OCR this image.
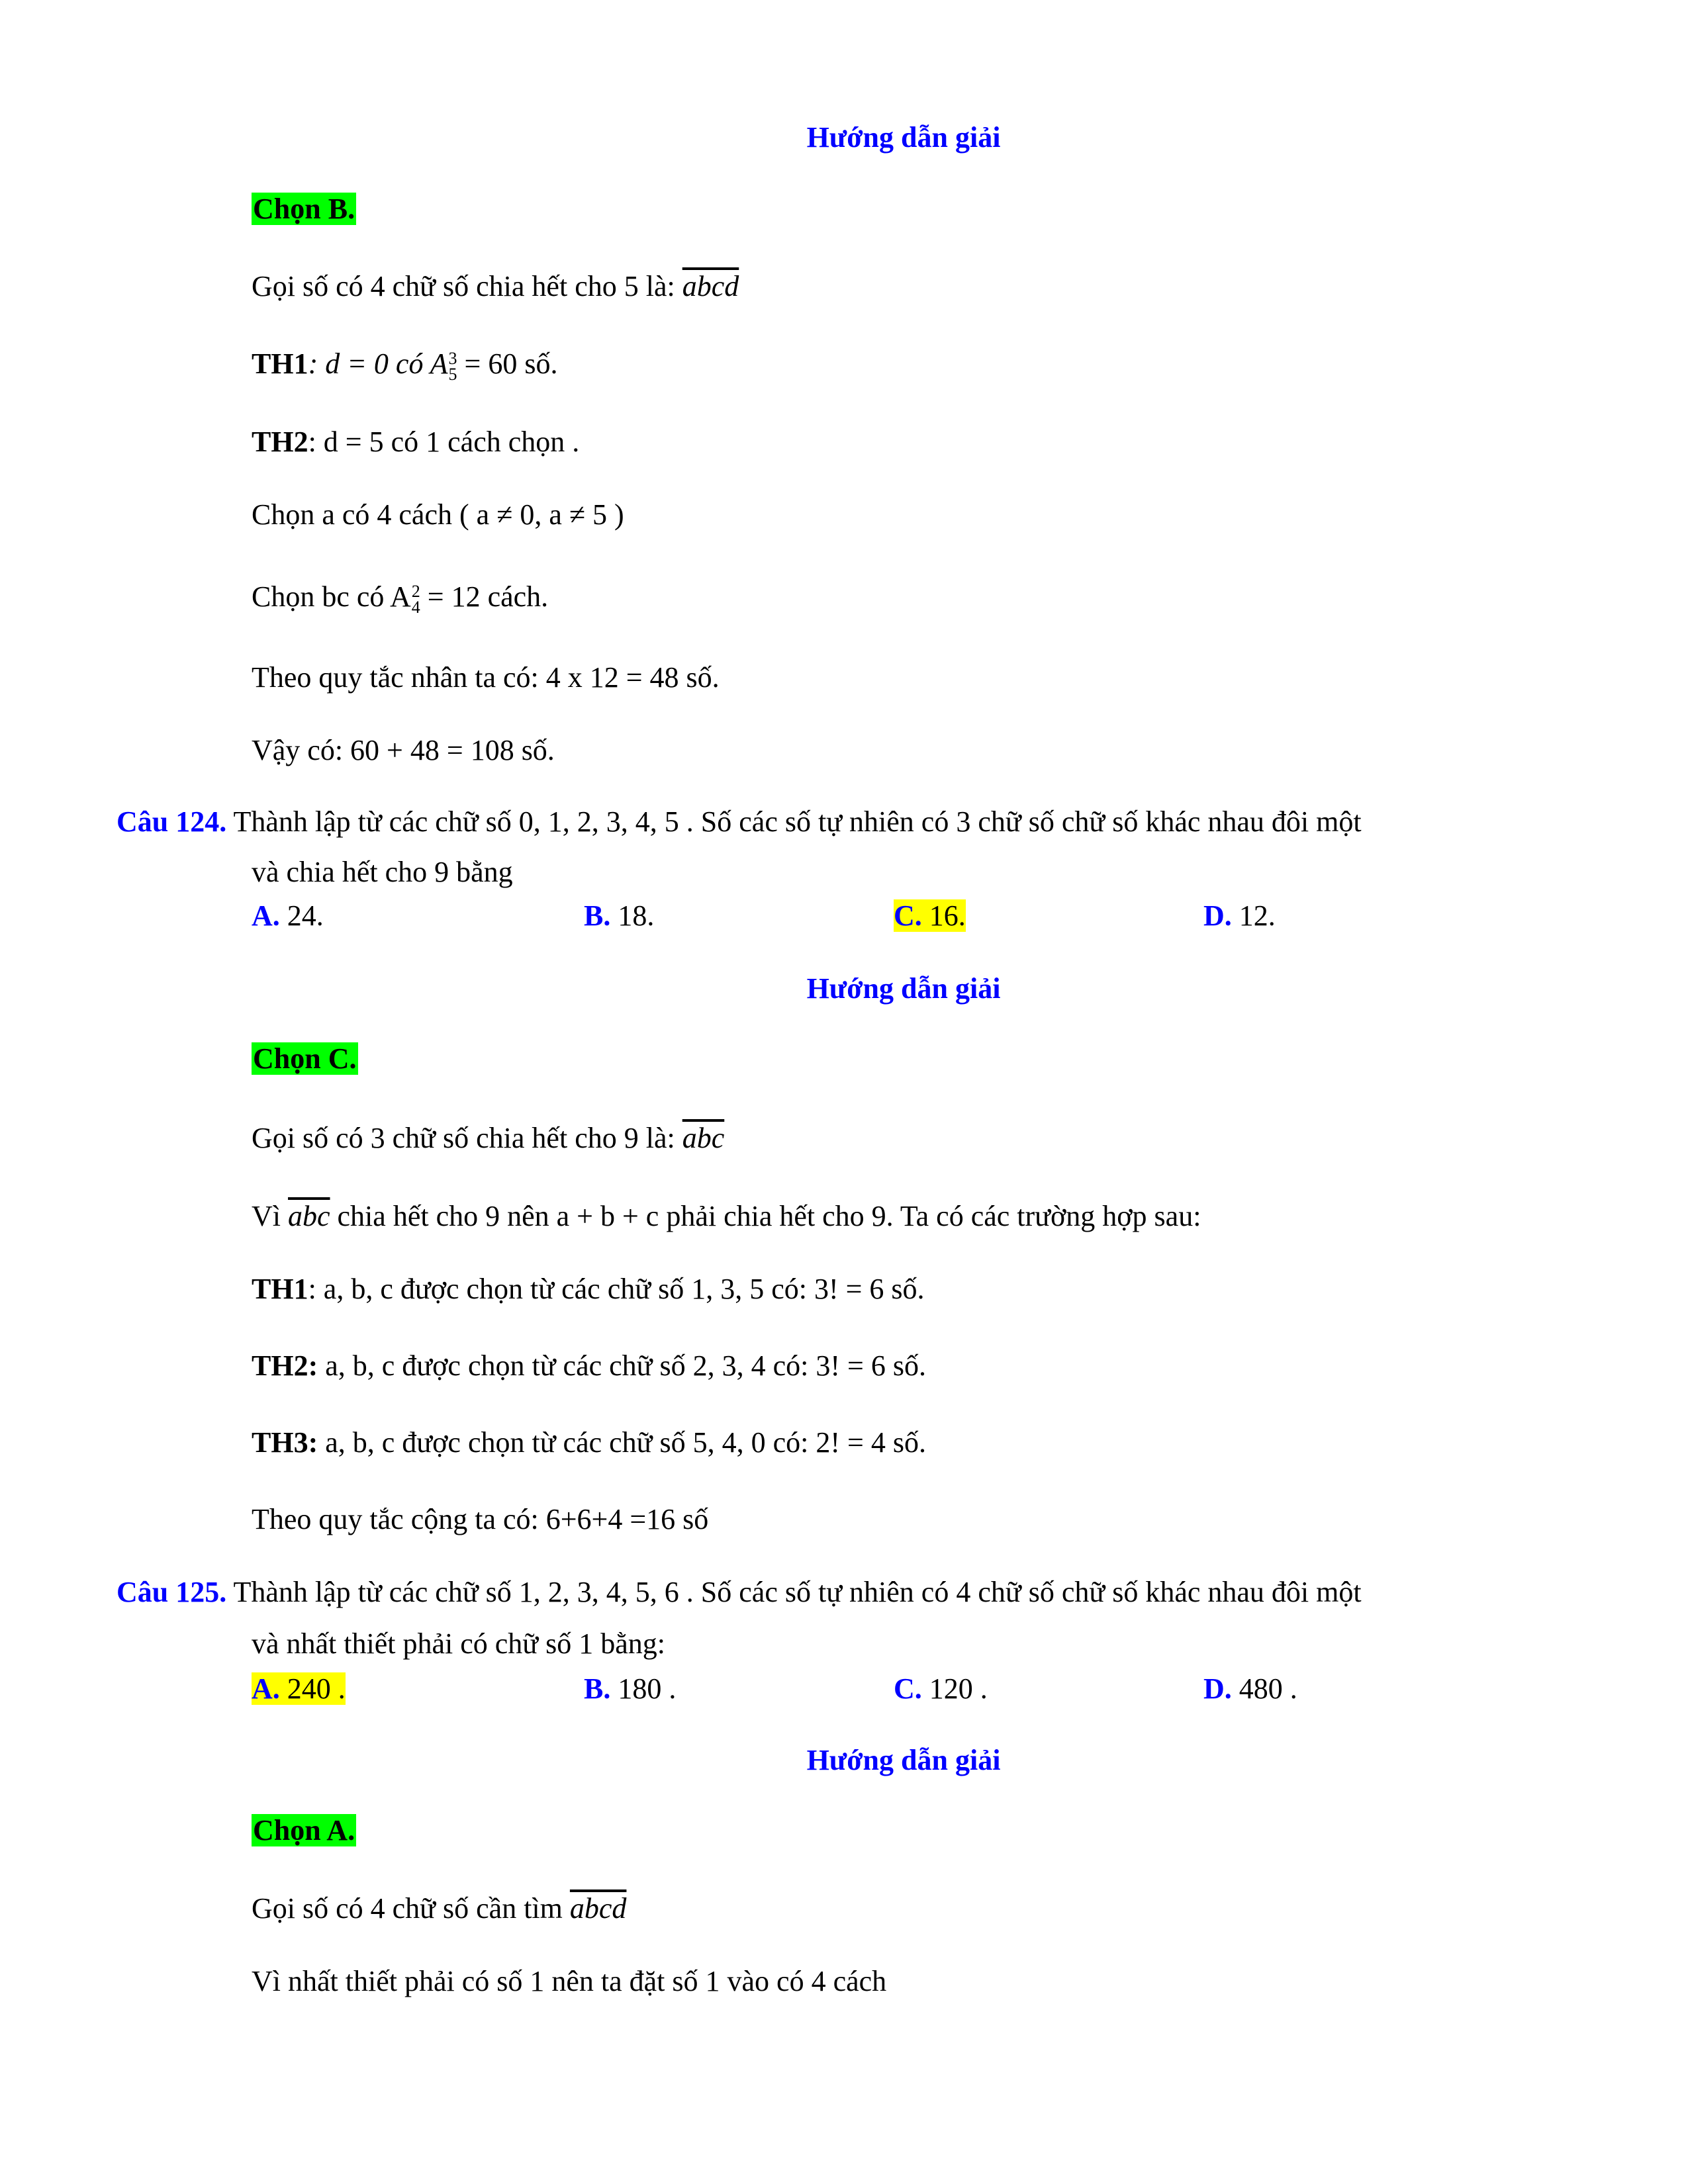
Hướng dẫn giải
Chọn B.
Gọi số có 4 chữ số chia hết cho 5 là: abcd
TH1: d = 0 có A 3
5 = 60 số.
TH2: d = 5 có 1 cách chọn .
Chọn a có 4 cách ( a ≠ 0, a ≠ 5 )
Chọn bc có A 2
4 = 12 cách.
Theo quy tắc nhân ta có: 4 x 12 = 48 số.
Vậy có: 60 + 48 = 108 số.
Câu 124. Thành lập từ các chữ số 0, 1, 2, 3, 4, 5 . Số các số tự nhiên có 3 chữ số chữ số khác nhau đôi một
và chia hết cho 9 bằng
A. 24.	B. 18.	C. 16.	D. 12.
Hướng dẫn giải
Chọn C.
Gọi số có 3 chữ số chia hết cho 9 là: $\overline{abc}$
Vì $\overline{abc}$ chia hết cho 9 nên a + b + c phải chia hết cho 9. Ta có các trường hợp sau:
TH1: a, b, c được chọn từ các chữ số 1, 3, 5 có: 3! = 6 số.
TH2: a, b, c được chọn từ các chữ số 2, 3, 4 có: 3! = 6 số.
TH3: a, b, c được chọn từ các chữ số 5, 4, 0 có: 2! = 4 số.
Theo quy tắc cộng ta có: 6+6+4 =16 số
Câu 125. Thành lập từ các chữ số 1, 2, 3, 4, 5, 6 . Số các số tự nhiên có 4 chữ số chữ số khác nhau đôi một
và nhất thiết phải có chữ số 1 bằng:
A. 240 .	B. 180 .	C. 120 .	D. 480 .
Hướng dẫn giải
Chọn A.
Gọi số có 4 chữ số cần tìm abcd
Vì nhất thiết phải có số 1 nên ta đặt số 1 vào có 4 cách
